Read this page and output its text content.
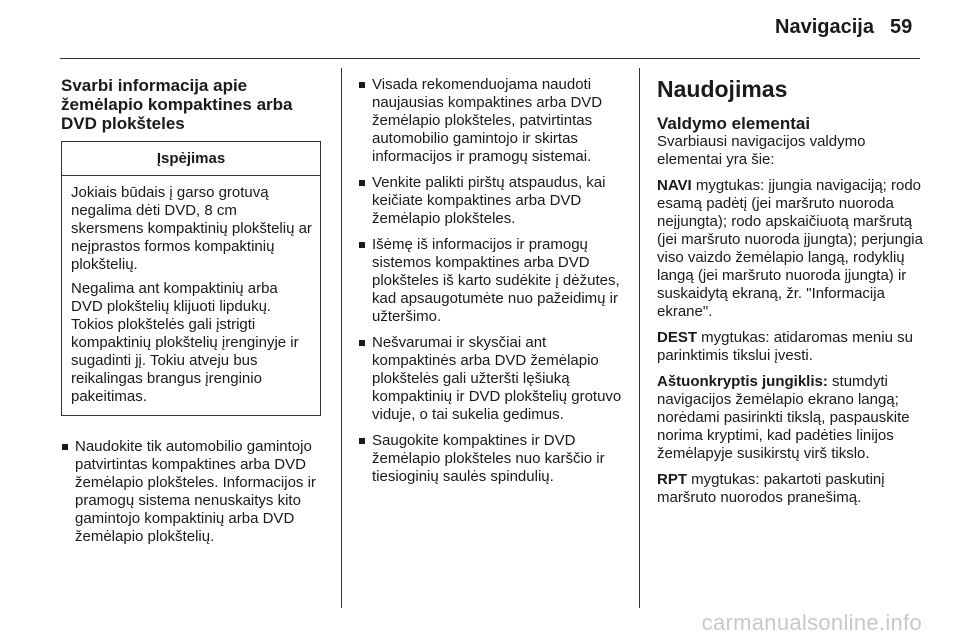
Navigacija 59
Svarbi informacija apie žemėlapio kompaktines arba DVD plokšteles
Įspėjimas

Jokiais būdais į garso grotuvą negalima dėti DVD, 8 cm skersmens kompaktinių plokštelių ar neįprastos formos kompaktinių plokštelių.

Negalima ant kompaktinių arba DVD plokštelių klijuoti lipdukų. Tokios plokštelės gali įstrigti kompaktinių plokštelių įrenginyje ir sugadinti jį. Tokiu atveju bus reikalingas brangus įrenginio pakeitimas.

Naudokite tik automobilio gamintojo patvirtintas kompaktines arba DVD žemėlapio plokšteles. Informacijos ir pramogų sistema nenuskaitys kito gamintojo kompaktinių arba DVD žemėlapio plokštelių.
Visada rekomenduojama naudoti naujausias kompaktines arba DVD žemėlapio plokšteles, patvirtintas automobilio gamintojo ir skirtas informacijos ir pramogų sistemai.
Venkite palikti pirštų atspaudus, kai keičiate kompaktines arba DVD žemėlapio plokšteles.
Išėmę iš informacijos ir pramogų sistemos kompaktines arba DVD plokšteles iš karto sudėkite į dėžutes, kad apsaugotumėte nuo pažeidimų ir užteršimo.
Nešvarumai ir skysčiai ant kompaktinės arba DVD žemėlapio plokštelės gali užteršti lęšiuką kompaktinių ir DVD plokštelių grotuvo viduje, o tai sukelia gedimus.
Saugokite kompaktines ir DVD žemėlapio plokšteles nuo karščio ir tiesioginių saulės spindulių.
Naudojimas
Valdymo elementai

Svarbiausi navigacijos valdymo elementai yra šie:

NAVI mygtukas: įjungia navigaciją; rodo esamą padėtį (jei maršruto nuoroda neįjungta); rodo apskaičiuotą maršrutą (jei maršruto nuoroda įjungta); perjungia viso vaizdo žemėlapio langą, rodyklių langą (jei maršruto nuoroda įjungta) ir suskaidytą ekraną, žr. "Informacija ekrane".

DEST mygtukas: atidaromas meniu su parinktimis tikslui įvesti.

Aštuonkryptis jungiklis: stumdyti navigacijos žemėlapio ekrano langą; norėdami pasirinkti tikslą, paspauskite norima kryptimi, kad padėties linijos žemėlapyje susikirstų virš tikslo.

RPT mygtukas: pakartoti paskutinį maršruto nuorodos pranešimą.

carmanualsonline.info
